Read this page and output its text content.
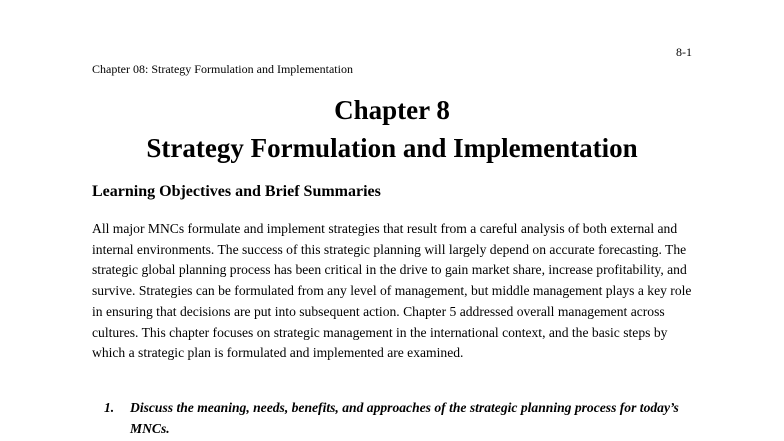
8-1
Chapter 08: Strategy Formulation and Implementation
Chapter 8
Strategy Formulation and Implementation
Learning Objectives and Brief Summaries

All major MNCs formulate and implement strategies that result from a careful analysis of both external and internal environments. The success of this strategic planning will largely depend on accurate forecasting. The strategic global planning process has been critical in the drive to gain market share, increase profitability, and survive. Strategies can be formulated from any level of management, but middle management plays a key role in ensuring that decisions are put into subsequent action. Chapter 5 addressed overall management across cultures. This chapter focuses on strategic management in the international context, and the basic steps by which a strategic plan is formulated and implemented are examined.

1. Discuss the meaning, needs, benefits, and approaches of the strategic planning process for today’s MNCs.
